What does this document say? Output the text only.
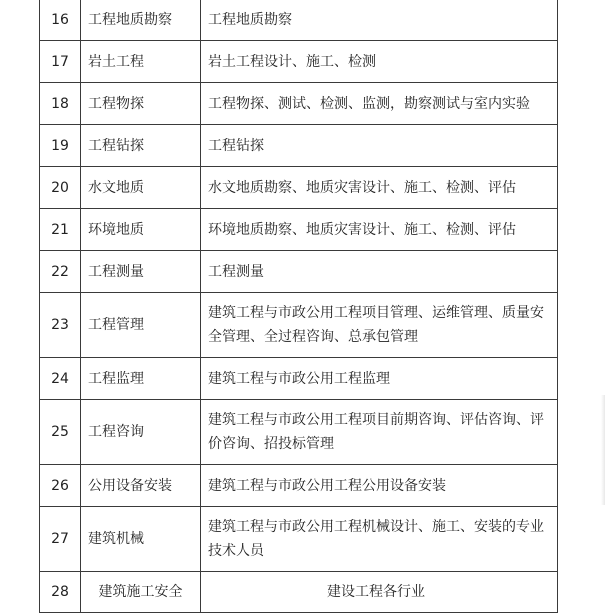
16	工程地质勘察	工程地质勘察
17	岩土工程	岩土工程设计、施工、检测
18	工程物探	工程物探、测试、检测、监测，勘察测试与室内实验
19	工程钻探	工程钻探
20	水文地质	水文地质勘察、地质灾害设计、施工、检测、评估
21	环境地质	环境地质勘察、地质灾害设计、施工、检测、评估
22	工程测量	工程测量
23	工程管理	建筑工程与市政公用工程项目管理、运维管理、质量安全管理、全过程咨询、总承包管理
24	工程监理	建筑工程与市政公用工程监理
25	工程咨询	建筑工程与市政公用工程项目前期咨询、评估咨询、评价咨询、招投标管理
26	公用设备安装	建筑工程与市政公用工程公用设备安装
27	建筑机械	建筑工程与市政公用工程机械设计、施工、安装的专业技术人员
28	建筑施工安全	建设工程各行业
